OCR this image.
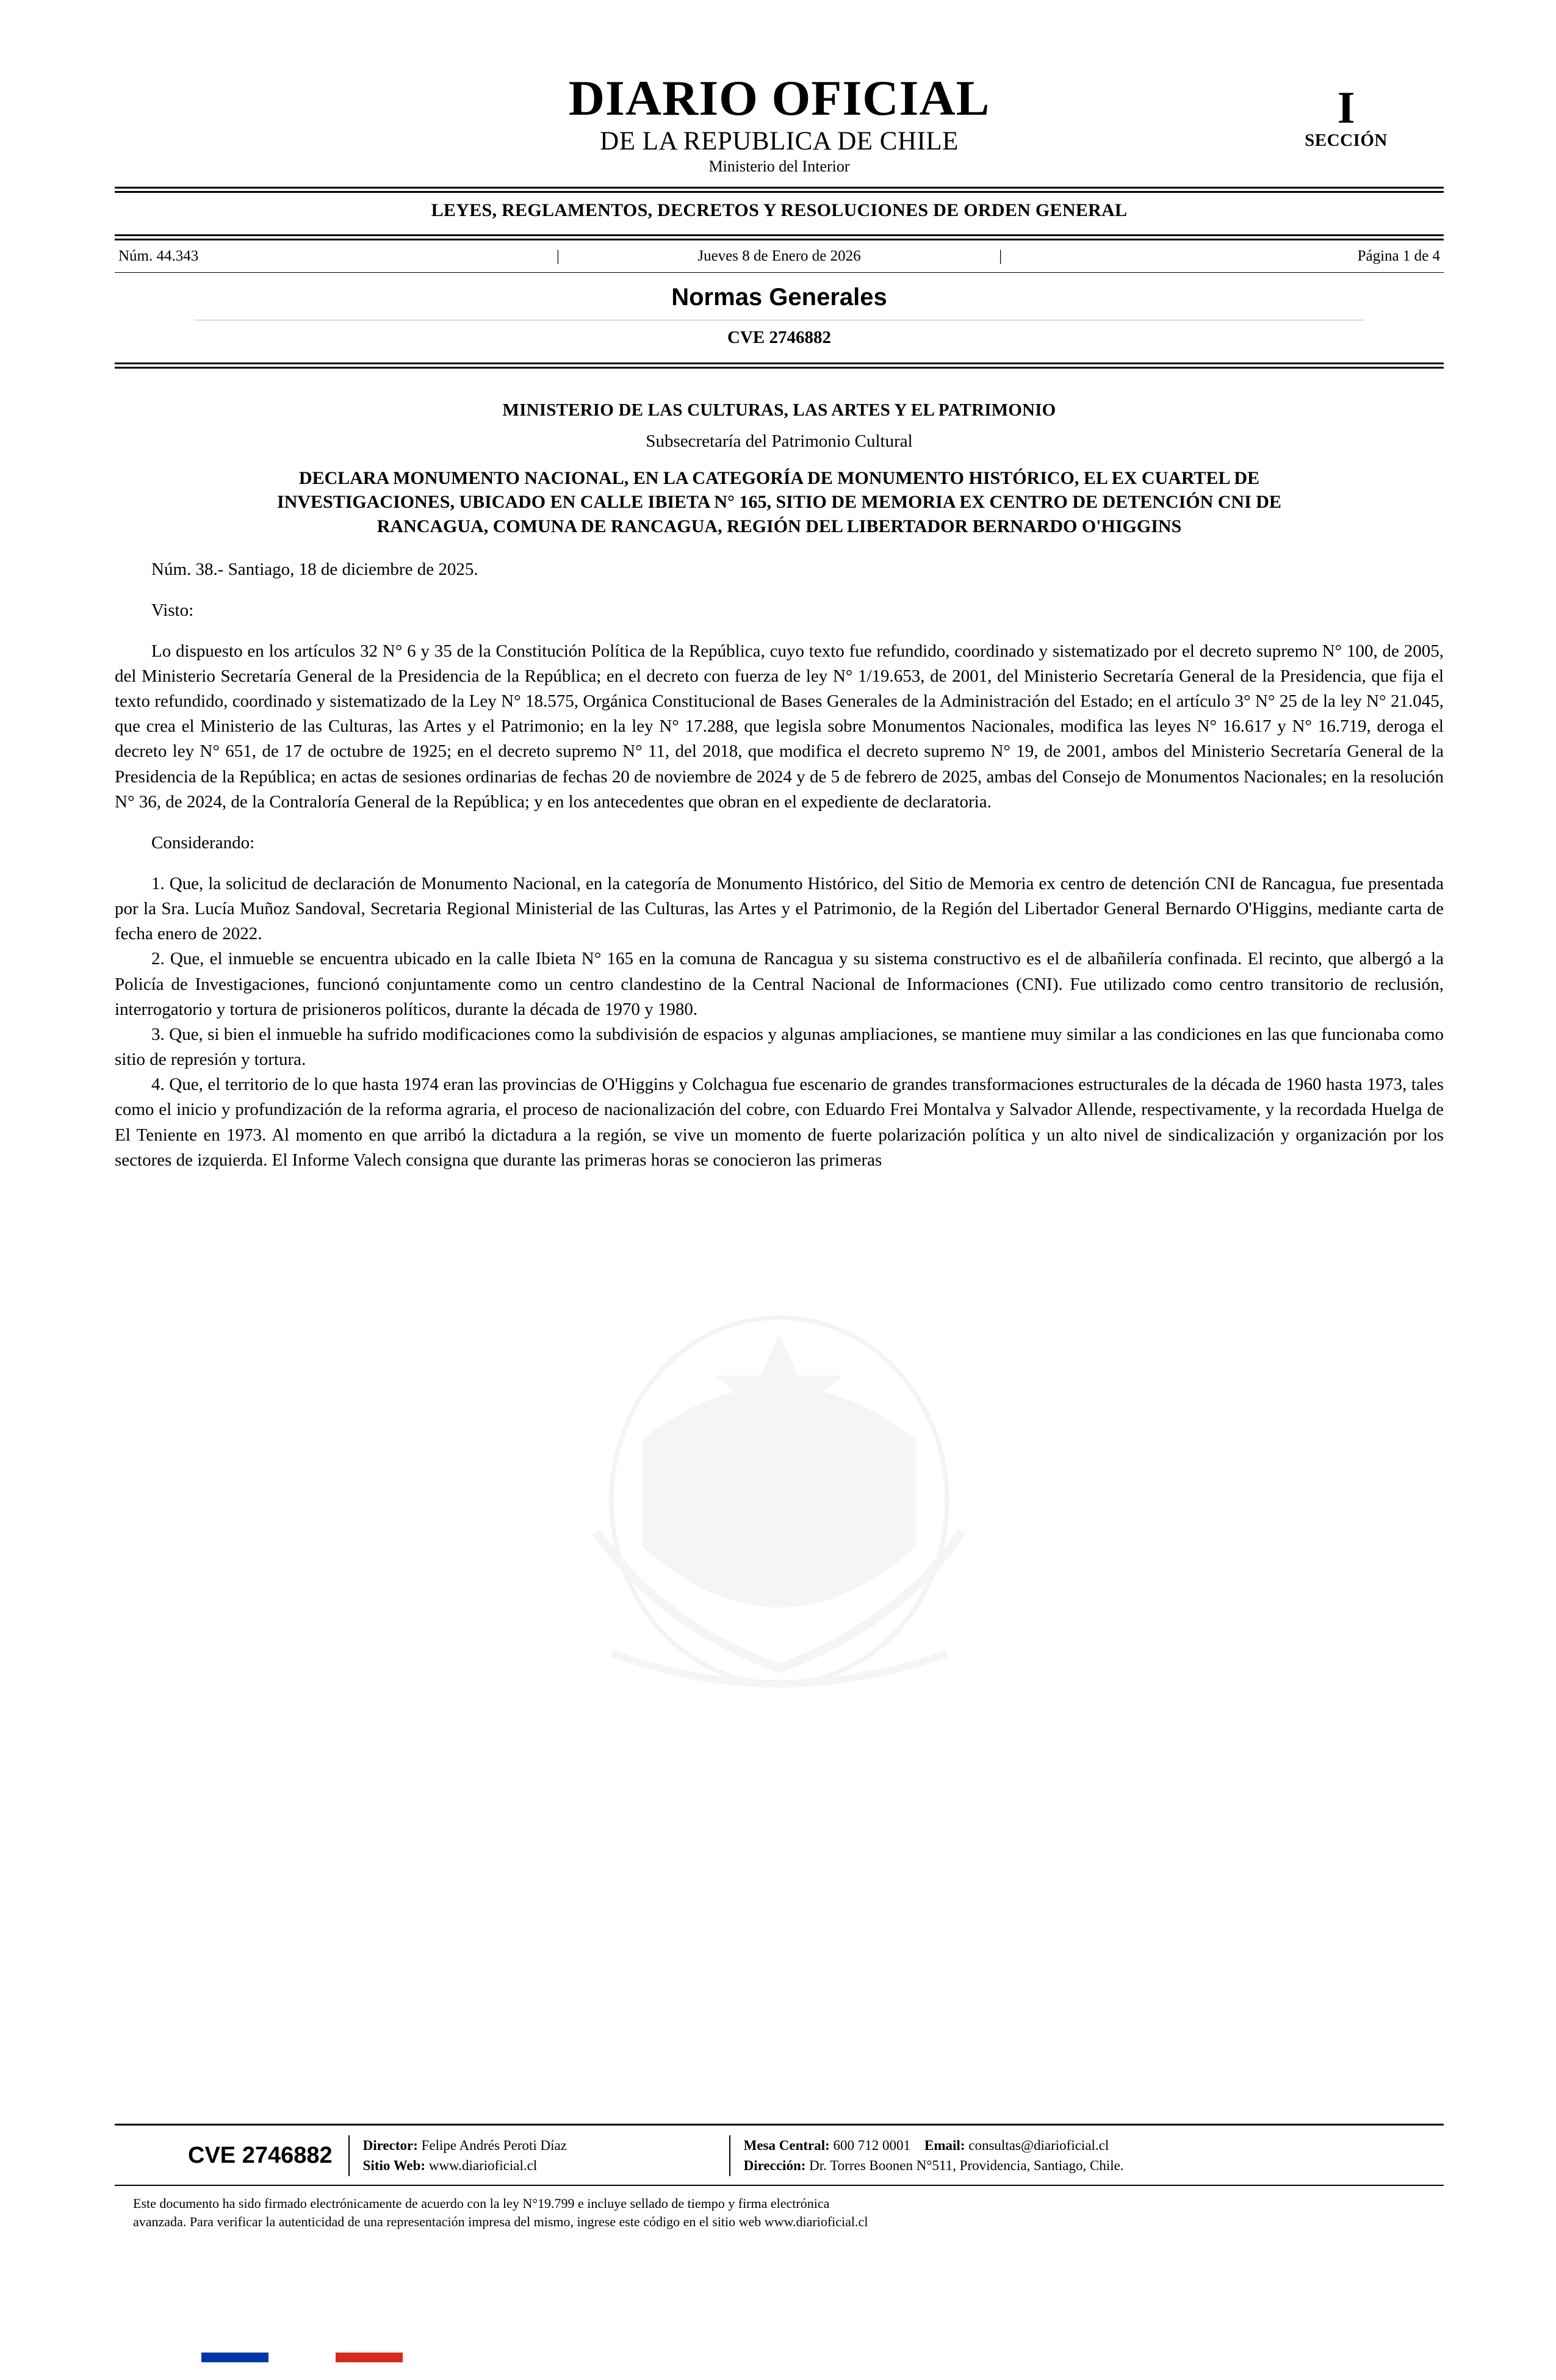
DIARIO OFICIAL
DE LA REPUBLICA DE CHILE
Ministerio del Interior
I
SECCIÓN
LEYES, REGLAMENTOS, DECRETOS Y RESOLUCIONES DE ORDEN GENERAL
Núm. 44.343	|	Jueves 8 de Enero de 2026	|	Página 1 de 4
Normas Generales
CVE 2746882
MINISTERIO DE LAS CULTURAS, LAS ARTES Y EL PATRIMONIO
Subsecretaría del Patrimonio Cultural
DECLARA MONUMENTO NACIONAL, EN LA CATEGORÍA DE MONUMENTO HISTÓRICO, EL EX CUARTEL DE INVESTIGACIONES, UBICADO EN CALLE IBIETA N° 165, SITIO DE MEMORIA EX CENTRO DE DETENCIÓN CNI DE RANCAGUA, COMUNA DE RANCAGUA, REGIÓN DEL LIBERTADOR BERNARDO O'HIGGINS
Núm. 38.- Santiago, 18 de diciembre de 2025.
Visto:

Lo dispuesto en los artículos 32 N° 6 y 35 de la Constitución Política de la República, cuyo texto fue refundido, coordinado y sistematizado por el decreto supremo N° 100, de 2005, del Ministerio Secretaría General de la Presidencia de la República; en el decreto con fuerza de ley N° 1/19.653, de 2001, del Ministerio Secretaría General de la Presidencia, que fija el texto refundido, coordinado y sistematizado de la Ley N° 18.575, Orgánica Constitucional de Bases Generales de la Administración del Estado; en el artículo 3° N° 25 de la ley N° 21.045, que crea el Ministerio de las Culturas, las Artes y el Patrimonio; en la ley N° 17.288, que legisla sobre Monumentos Nacionales, modifica las leyes N° 16.617 y N° 16.719, deroga el decreto ley N° 651, de 17 de octubre de 1925; en el decreto supremo N° 11, del 2018, que modifica el decreto supremo N° 19, de 2001, ambos del Ministerio Secretaría General de la Presidencia de la República; en actas de sesiones ordinarias de fechas 20 de noviembre de 2024 y de 5 de febrero de 2025, ambas del Consejo de Monumentos Nacionales; en la resolución N° 36, de 2024, de la Contraloría General de la República; y en los antecedentes que obran en el expediente de declaratoria.

Considerando:

1. Que, la solicitud de declaración de Monumento Nacional, en la categoría de Monumento Histórico, del Sitio de Memoria ex centro de detención CNI de Rancagua, fue presentada por la Sra. Lucía Muñoz Sandoval, Secretaria Regional Ministerial de las Culturas, las Artes y el Patrimonio, de la Región del Libertador General Bernardo O'Higgins, mediante carta de fecha enero de 2022.

2. Que, el inmueble se encuentra ubicado en la calle Ibieta N° 165 en la comuna de Rancagua y su sistema constructivo es el de albañilería confinada. El recinto, que albergó a la Policía de Investigaciones, funcionó conjuntamente como un centro clandestino de la Central Nacional de Informaciones (CNI). Fue utilizado como centro transitorio de reclusión, interrogatorio y tortura de prisioneros políticos, durante la década de 1970 y 1980.

3. Que, si bien el inmueble ha sufrido modificaciones como la subdivisión de espacios y algunas ampliaciones, se mantiene muy similar a las condiciones en las que funcionaba como sitio de represión y tortura.

4. Que, el territorio de lo que hasta 1974 eran las provincias de O'Higgins y Colchagua fue escenario de grandes transformaciones estructurales de la década de 1960 hasta 1973, tales como el inicio y profundización de la reforma agraria, el proceso de nacionalización del cobre, con Eduardo Frei Montalva y Salvador Allende, respectivamente, y la recordada Huelga de El Teniente en 1973. Al momento en que arribó la dictadura a la región, se vive un momento de fuerte polarización política y un alto nivel de sindicalización y organización por los sectores de izquierda. El Informe Valech consigna que durante las primeras horas se conocieron las primeras

CVE 2746882	Director: Felipe Andrés Peroti Díaz
Sitio Web: www.diarioficial.cl
Mesa Central: 600 712 0001 Email: consultas@diarioficial.cl
Dirección: Dr. Torres Boonen N°511, Providencia, Santiago, Chile.
Este documento ha sido firmado electrónicamente de acuerdo con la ley N°19.799 e incluye sellado de tiempo y firma electrónica
avanzada. Para verificar la autenticidad de una representación impresa del mismo, ingrese este código en el sitio web www.diarioficial.cl
